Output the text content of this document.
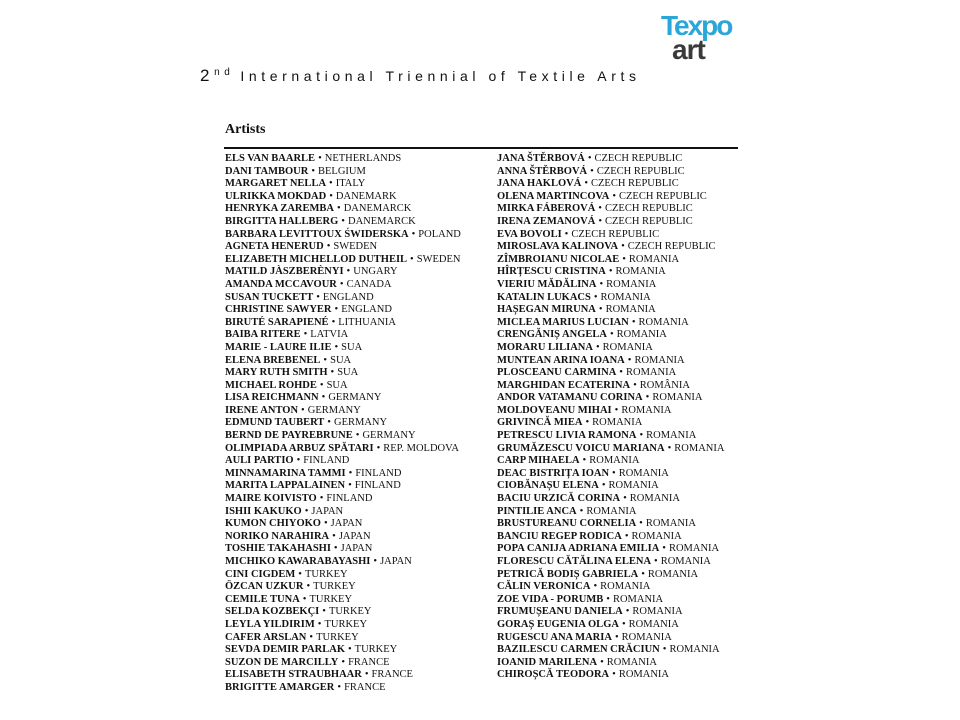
Texpo
art
2nd International Triennial of Textile Arts
Artists
ELS VAN BAARLE • NETHERLANDS
DANI TAMBOUR • BELGIUM
MARGARET NELLA • ITALY
ULRIKKA MOKDAD • DANEMARK
HENRYKA ZAREMBA • DANEMARCK
BIRGITTA HALLBERG • DANEMARCK
BARBARA LEVITTOUX ŚWIDERSKA • POLAND
AGNETA HENERUD • SWEDEN
ELIZABETH MICHELLOD DUTHEIL • SWEDEN
MATILD JÀSZBERÈNYI • UNGARY
AMANDA MCCAVOUR • CANADA
SUSAN TUCKETT • ENGLAND
CHRISTINE SAWYER • ENGLAND
BIRUTÉ SARAPIENÉ • LITHUANIA
BAIBA RITERE • LATVIA
MARIE - LAURE ILIE • SUA
ELENA BREBENEL • SUA
MARY RUTH SMITH • SUA
MICHAEL ROHDE • SUA
LISA REICHMANN • GERMANY
IRENE ANTON • GERMANY
EDMUND TAUBERT • GERMANY
BERND DE PAYREBRUNE • GERMANY
OLIMPIADA ARBUZ SPĂTARI • REP. MOLDOVA
AULI PARTIO • FINLAND
MINNAMARINA TAMMI • FINLAND
MARITA LAPPALAINEN • FINLAND
MAIRE KOIVISTO • FINLAND
ISHII KAKUKO • JAPAN
KUMON CHIYOKO • JAPAN
NORIKO NARAHIRA • JAPAN
TOSHIE TAKAHASHI • JAPAN
MICHIKO KAWARABAYASHI • JAPAN
CINI CIGDEM • TURKEY
ÖZCAN UZKUR • TURKEY
CEMILE TUNA • TURKEY
SELDA KOZBEKÇI • TURKEY
LEYLA YILDIRIM • TURKEY
CAFER ARSLAN • TURKEY
SEVDA DEMIR PARLAK • TURKEY
SUZON DE MARCILLY • FRANCE
ELISABETH STRAUBHAAR • FRANCE
BRIGITTE AMARGER • FRANCE
JANA ŠTĚRBOVÁ • CZECH REPUBLIC
ANNA ŠTĚRBOVÁ • CZECH REPUBLIC
JANA HAKLOVÁ • CZECH REPUBLIC
OLENA MARTINCOVA • CZECH REPUBLIC
MIRKA FÁBEROVÁ • CZECH REPUBLIC
IRENA ZEMANOVÁ • CZECH REPUBLIC
EVA BOVOLI • CZECH REPUBLIC
MIROSLAVA KALINOVA • CZECH REPUBLIC
ZÎMBROIANU NICOLAE • ROMANIA
HÎRȚESCU CRISTINA • ROMANIA
VIERIU MĂDĂLINA • ROMANIA
KATALIN LUKACS • ROMANIA
HAȘEGAN MIRUNA • ROMANIA
MICLEA MARIUS LUCIAN • ROMANIA
CRENGĂNIȘ ANGELA • ROMANIA
MORARU LILIANA • ROMANIA
MUNTEAN ARINA IOANA • ROMANIA
PLOSCEANU CARMINA • ROMANIA
MARGHIDAN ECATERINA • ROMÂNIA
ANDOR VATAMANU CORINA • ROMANIA
MOLDOVEANU MIHAI • ROMANIA
GRIVINCĂ MIEA • ROMANIA
PETRESCU LIVIA RAMONA • ROMANIA
GRUMĂZESCU VOICU MARIANA • ROMANIA
CARP MIHAELA • ROMANIA
DEAC BISTRIȚA IOAN • ROMANIA
CIOBĂNAȘU ELENA • ROMANIA
BACIU URZICĂ CORINA • ROMANIA
PINTILIE ANCA • ROMANIA
BRUSTUREANU CORNELIA • ROMANIA
BANCIU REGEP RODICA • ROMANIA
POPA CANIJA ADRIANA EMILIA • ROMANIA
FLORESCU CĂTĂLINA ELENA • ROMANIA
PETRICĂ BODIȘ GABRIELA • ROMANIA
CĂLIN VERONICA • ROMANIA
ZOE VIDA - PORUMB • ROMANIA
FRUMUȘEANU DANIELA • ROMANIA
GORAȘ EUGENIA OLGA • ROMANIA
RUGESCU ANA MARIA • ROMANIA
BAZILESCU CARMEN CRĂCIUN • ROMANIA
IOANID MARILENA • ROMANIA
CHIROȘCĂ TEODORA • ROMANIA
